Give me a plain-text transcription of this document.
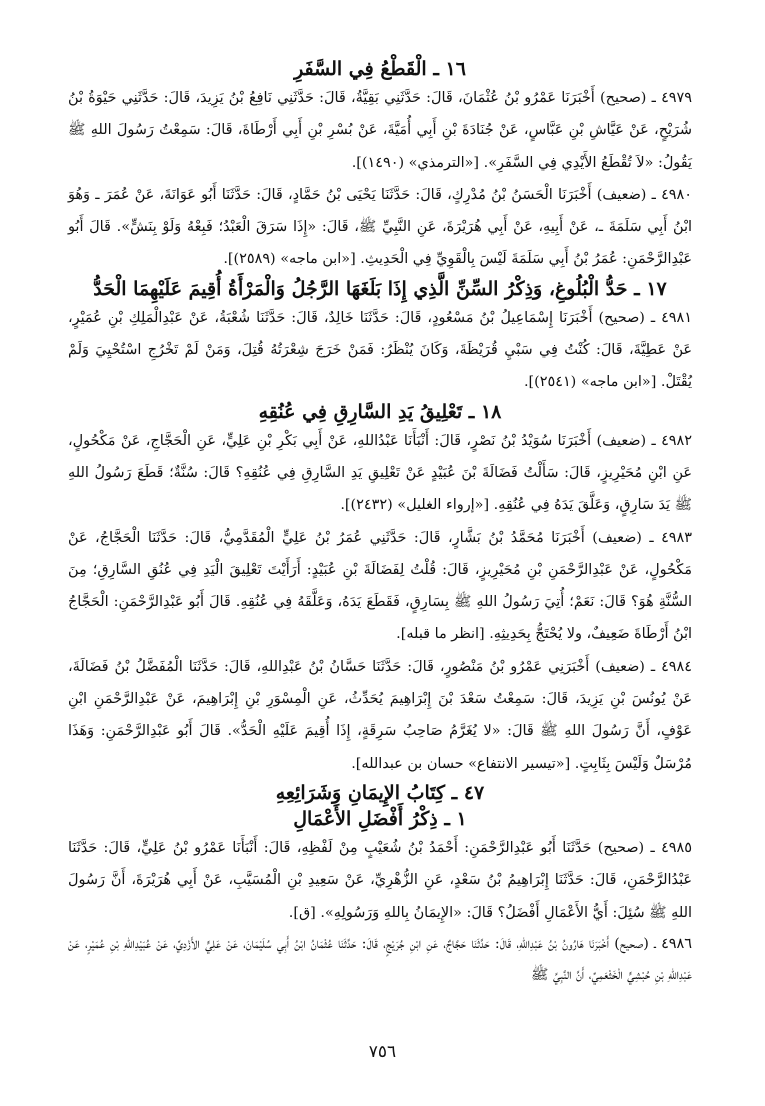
١٦ ـ الْقَطْعُ فِي السَّفَرِ

٤٩٧٩ ـ (صحيح) أَخْبَرَنَا عَمْرُو بْنُ عُثْمَانَ، قَالَ: حَدَّثَنِي بَقِيَّةُ، قَالَ: حَدَّثَنِي نَافِعُ بْنُ يَزِيدَ، قَالَ: حَدَّثَنِي حَيْوَةُ بْنُ شُرَيْحٍ، عَنْ عَيَّاشِ بْنِ عَبَّاسٍ، عَنْ جُنَادَةَ بْنِ أَبِي أُمَيَّةَ، عَنْ بُسْرِ بْنِ أَبِي أَرْطَاةَ، قَالَ: سَمِعْتُ رَسُولَ اللهِ ﷺ يَقُولُ: «لاَ تُقْطَعُ الأَيْدِي فِي السَّفَرِ». [«الترمذي» (١٤٩٠)].

٤٩٨٠ ـ (ضعيف) أَخْبَرَنَا الْحَسَنُ بْنُ مُدْرِكٍ، قَالَ: حَدَّثَنَا يَحْيَى بْنُ حَمَّادٍ، قَالَ: حَدَّثَنَا أَبُو عَوَانَةَ، عَنْ عُمَرَ ـ وَهُوَ ابْنُ أَبِي سَلَمَةَ ـ، عَنْ أَبِيهِ، عَنْ أَبِي هُرَيْرَةَ، عَنِ النَّبِيِّ ﷺ، قَالَ: «إِذَا سَرَقَ الْعَبْدُ؛ فَبِعْهُ وَلَوْ بِنَشٍّ». قَالَ أَبُو عَبْدِالرَّحْمَنِ: عُمَرُ بْنُ أَبِي سَلَمَةَ لَيْسَ بِالْقَوِيِّ فِي الْحَدِيثِ. [«ابن ماجه» (٢٥٨٩)].

١٧ ـ حَدُّ الْبُلُوغِ، وَذِكْرُ السِّنِّ الَّذِي إِذَا بَلَغَهَا الرَّجُلُ وَالْمَرْأَةُ أُقِيمَ عَلَيْهِمَا الْحَدُّ

٤٩٨١ ـ (صحيح) أَخْبَرَنَا إِسْمَاعِيلُ بْنُ مَسْعُودٍ، قَالَ: حَدَّثَنَا خَالِدٌ، قَالَ: حَدَّثَنَا شُعْبَةُ، عَنْ عَبْدِالْمَلِكِ بْنِ عُمَيْرٍ، عَنْ عَطِيَّةَ، قَالَ: كُنْتُ فِي سَبْيِ قُرَيْظَةَ، وَكَانَ يُنْظَرُ: فَمَنْ خَرَجَ شِعْرَتُهُ قُتِلَ، وَمَنْ لَمْ تَخْرُجِ اسْتُحْيِيَ وَلَمْ يُقْتَلْ. [«ابن ماجه» (٢٥٤١)].

١٨ ـ تَعْلِيقُ يَدِ السَّارِقِ فِي عُنُقِهِ

٤٩٨٢ ـ (ضعيف) أَخْبَرَنَا سُوَيْدُ بْنُ نَصْرٍ، قَالَ: أَنْبَأَنَا عَبْدُاللهِ، عَنْ أَبِي بَكْرِ بْنِ عَلِيٍّ، عَنِ الْحَجَّاجِ، عَنْ مَكْحُولٍ، عَنِ ابْنِ مُحَيْرِيزٍ، قَالَ: سَأَلْتُ فَضَالَةَ بْنَ عُبَيْدٍ عَنْ تَعْلِيقِ يَدِ السَّارِقِ فِي عُنُقِهِ؟ قَالَ: سُنَّةٌ؛ قَطَعَ رَسُولُ اللهِ ﷺ يَدَ سَارِقٍ، وَعَلَّقَ يَدَهُ فِي عُنُقِهِ. [«إرواء الغليل» (٢٤٣٢)].

٤٩٨٣ ـ (ضعيف) أَخْبَرَنَا مُحَمَّدُ بْنُ بَشَّارٍ، قَالَ: حَدَّثَنِي عُمَرُ بْنُ عَلِيٍّ الْمُقَدَّمِيُّ، قَالَ: حَدَّثَنَا الْحَجَّاجُ، عَنْ مَكْحُولٍ، عَنْ عَبْدِالرَّحْمَنِ بْنِ مُحَيْرِيزٍ، قَالَ: قُلْتُ لِفَضَالَةَ بْنِ عُبَيْدٍ: أَرَأَيْتَ تَعْلِيقَ الْيَدِ فِي عُنُقِ السَّارِقِ؛ مِنَ السُّنَّةِ هُوَ؟ قَالَ: نَعَمْ؛ أُتِيَ رَسُولُ اللهِ ﷺ بِسَارِقٍ، فَقَطَعَ يَدَهُ، وَعَلَّقَهُ فِي عُنُقِهِ. قَالَ أَبُو عَبْدِالرَّحْمَنِ: الْحَجَّاجُ ابْنُ أَرْطَاةَ ضَعِيفٌ، ولا يُحْتَجُّ بِحَدِيثِهِ. [انظر ما قبله].

٤٩٨٤ ـ (ضعيف) أَخْبَرَنِي عَمْرُو بْنُ مَنْصُورٍ، قَالَ: حَدَّثَنَا حَسَّانُ بْنُ عَبْدِاللهِ، قَالَ: حَدَّثَنَا الْمُفَضَّلُ بْنُ فَضَالَةَ، عَنْ يُونُسَ بْنِ يَزِيدَ، قَالَ: سَمِعْتُ سَعْدَ بْنَ إِبْرَاهِيمَ يُحَدِّثُ، عَنِ الْمِسْوَرِ بْنِ إِبْرَاهِيمَ، عَنْ عَبْدِالرَّحْمَنِ ابْنِ عَوْفٍ، أَنَّ رَسُولَ اللهِ ﷺ قَالَ: «لا يُغَرَّمُ صَاحِبُ سَرِقَةٍ، إِذَا أُقِيمَ عَلَيْهِ الْحَدُّ». قَالَ أَبُو عَبْدِالرَّحْمَنِ: وَهَذَا مُرْسَلٌ وَلَيْسَ بِثَابِتٍ. [«تيسير الانتفاع» حسان بن عبدالله].

٤٧ ـ كِتَابُ الإِيمَانِ وَشَرَائِعِهِ
١ ـ ذِكْرُ أَفْضَلِ الأَعْمَالِ

٤٩٨٥ ـ (صحيح) حَدَّثَنَا أَبُو عَبْدِالرَّحْمَنِ: أَحْمَدُ بْنُ شُعَيْبٍ مِنْ لَفْظِهِ، قَالَ: أَنْبَأَنَا عَمْرُو بْنُ عَلِيٍّ، قَالَ: حَدَّثَنَا عَبْدُالرَّحْمَنِ، قَالَ: حَدَّثَنَا إِبْرَاهِيمُ بْنُ سَعْدٍ، عَنِ الزُّهْرِيِّ، عَنْ سَعِيدِ بْنِ الْمُسَيَّبِ، عَنْ أَبِي هُرَيْرَةَ، أَنَّ رَسُولَ اللهِ ﷺ سُئِلَ: أَيُّ الأَعْمَالِ أَفْضَلُ؟ قَالَ: «الإِيمَانُ بِاللهِ وَرَسُولِهِ». [ق].

٤٩٨٦ ـ (صحيح) أَخْبَرَنَا هَارُونُ بْنُ عَبْدِاللهِ، قَالَ: حَدَّثَنَا حَجَّاجٌ، عَنِ ابْنِ جُرَيْجٍ، قَالَ: حَدَّثَنَا عُثْمَانُ ابْنُ أَبِي سُلَيْمَانَ، عَنْ عَلِيٍّ الأَزْدِيِّ، عَنْ عُبَيْدِاللهِ بْنِ عُمَيْرٍ، عَنْ عَبْدِاللهِ بْنِ حُبْشِيٍّ الْخَثْعَمِيِّ، أَنَّ النَّبِيَّ ﷺ

٧٥٦
